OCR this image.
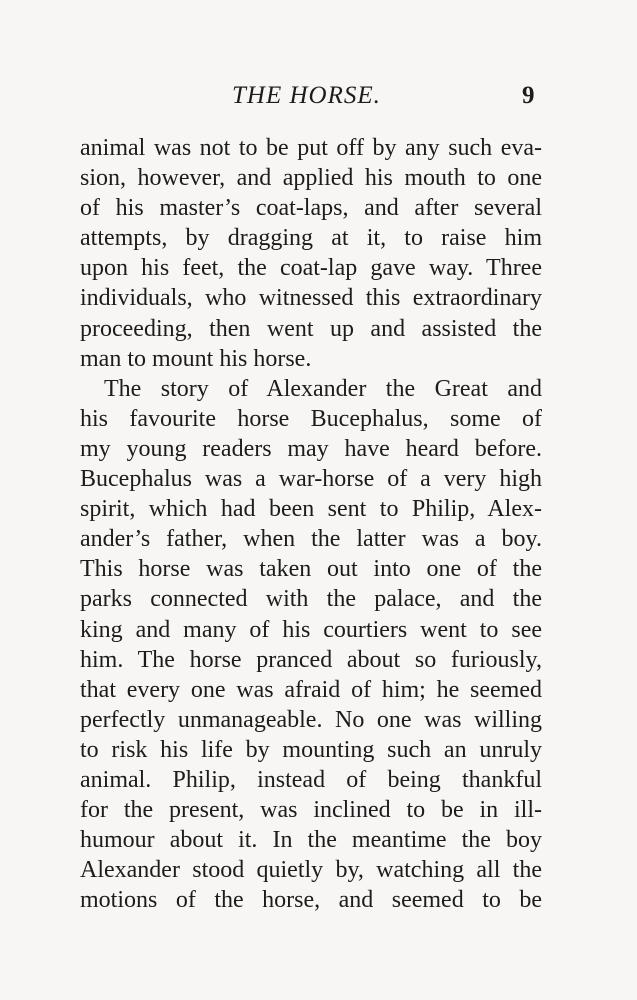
THE HORSE.	9
animal was not to be put off by any such eva-
sion, however, and applied his mouth to one
of his master’s coat-laps, and after several
attempts, by dragging at it, to raise him
upon his feet, the coat-lap gave way. Three
individuals, who witnessed this extraordinary
proceeding, then went up and assisted the
man to mount his horse.
The story of Alexander the Great and
his favourite horse Bucephalus, some of
my young readers may have heard before.
Bucephalus was a war-horse of a very high
spirit, which had been sent to Philip, Alex-
ander’s father, when the latter was a boy.
This horse was taken out into one of the
parks connected with the palace, and the
king and many of his courtiers went to see
him. The horse pranced about so furiously,
that every one was afraid of him; he seemed
perfectly unmanageable. No one was willing
to risk his life by mounting such an unruly
animal. Philip, instead of being thankful
for the present, was inclined to be in ill-
humour about it. In the meantime the boy
Alexander stood quietly by, watching all the
motions of the horse, and seemed to be
